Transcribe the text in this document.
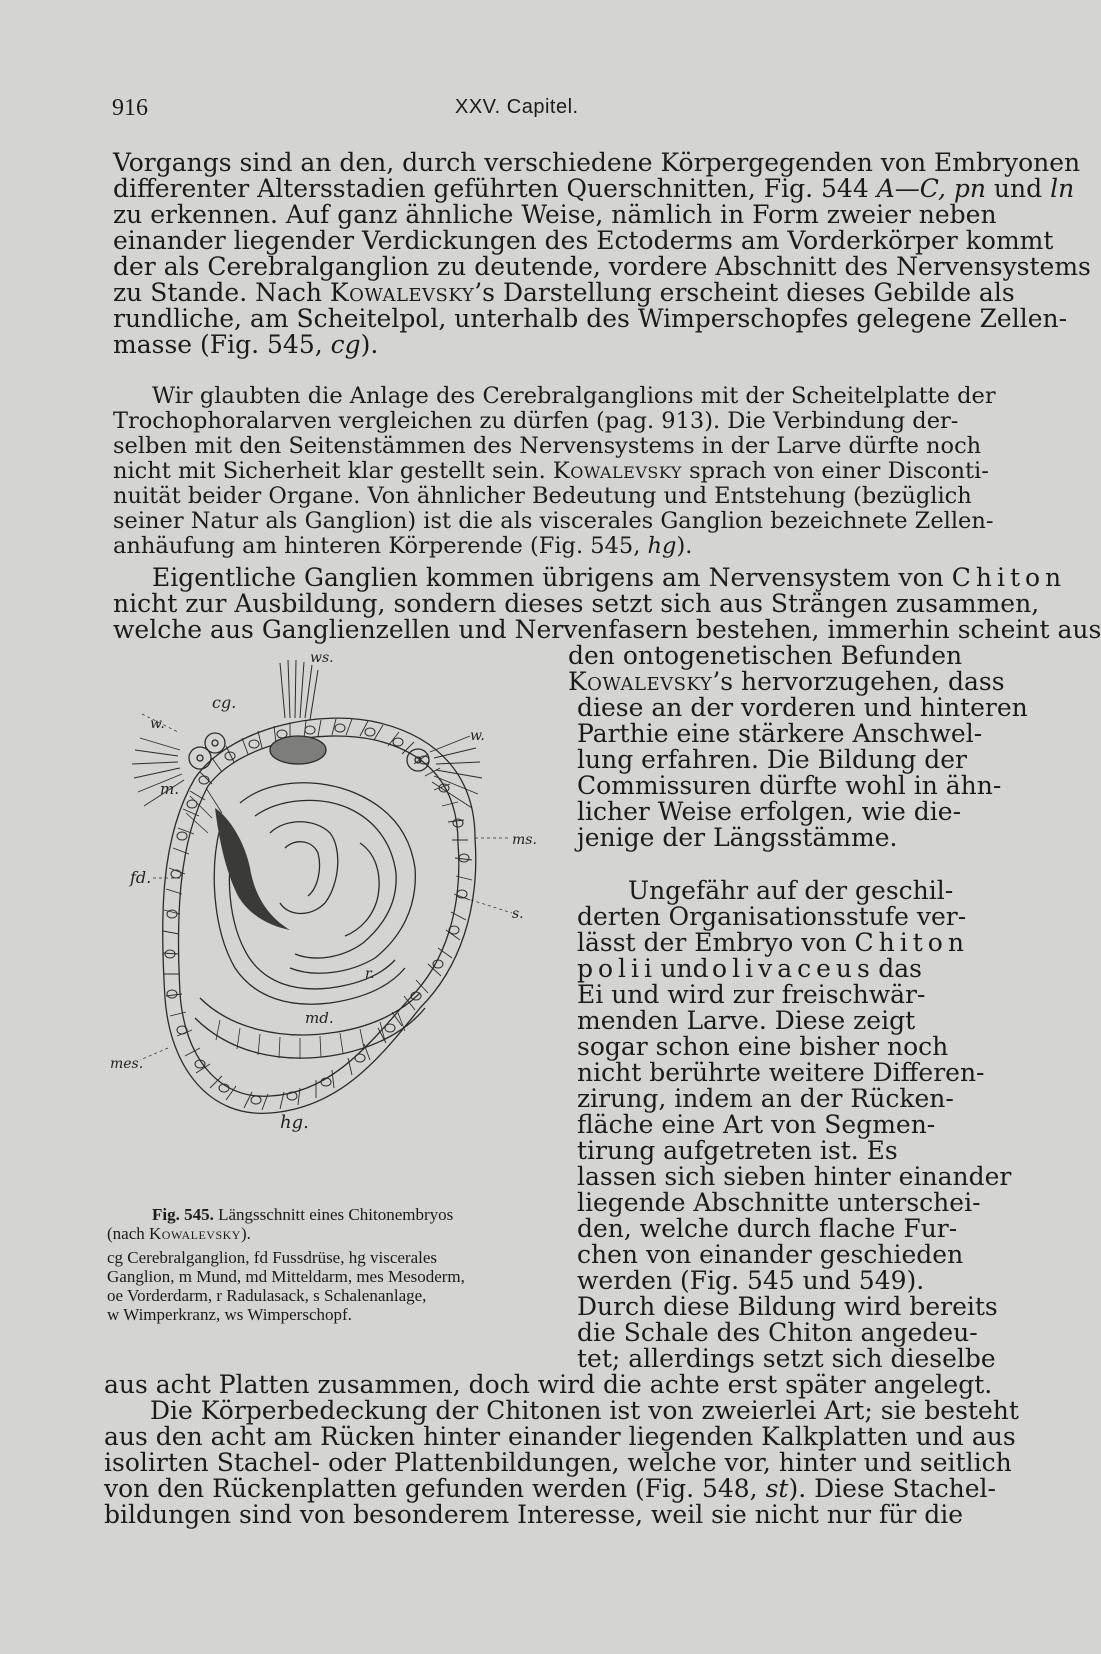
916	XXV. Capitel.
Vorgangs sind an den, durch verschiedene Körpergegenden von Embryonen
differenter Altersstadien geführten Querschnitten, Fig. 544 A—C, pn und ln
zu erkennen. Auf ganz ähnliche Weise, nämlich in Form zweier neben
einander liegender Verdickungen des Ectoderms am Vorderkörper kommt
der als Cerebralganglion zu deutende, vordere Abschnitt des Nervensystems
zu Stande. Nach Kowalevsky’s Darstellung erscheint dieses Gebilde als
rundliche, am Scheitelpol, unterhalb des Wimperschopfes gelegene Zellen-
masse (Fig. 545, cg).
Wir glaubten die Anlage des Cerebralganglions mit der Scheitelplatte der
Trochophoralarven vergleichen zu dürfen (pag. 913). Die Verbindung der-
selben mit den Seitenstämmen des Nervensystems in der Larve dürfte noch
nicht mit Sicherheit klar gestellt sein. Kowalevsky sprach von einer Disconti-
nuität beider Organe. Von ähnlicher Bedeutung und Entstehung (bezüglich
seiner Natur als Ganglion) ist die als viscerales Ganglion bezeichnete Zellen-
anhäufung am hinteren Körperende (Fig. 545, hg).
Eigentliche Ganglien kommen übrigens am Nervensystem von Chiton
nicht zur Ausbildung, sondern dieses setzt sich aus Strängen zusammen,
welche aus Ganglienzellen und Nervenfasern bestehen, immerhin scheint aus
den ontogenetischen Befunden
Kowalevsky’s hervorzugehen, dass
diese an der vorderen und hinteren
Parthie eine stärkere Anschwel-
lung erfahren. Die Bildung der
Commissuren dürfte wohl in ähn-
licher Weise erfolgen, wie die-
jenige der Längsstämme.
Ungefähr auf der geschil-
derten Organisationsstufe ver-
lässt der Embryo von Chiton
polii und olivaceus das
Ei und wird zur freischwär-
menden Larve. Diese zeigt
sogar schon eine bisher noch
nicht berührte weitere Differen-
zirung, indem an der Rücken-
fläche eine Art von Segmen-
tirung aufgetreten ist. Es
lassen sich sieben hinter einander
liegende Abschnitte unterschei-
den, welche durch flache Fur-
chen von einander geschieden
werden (Fig. 545 und 549).
Durch diese Bildung wird bereits
die Schale des Chiton angedeu-
tet; allerdings setzt sich dieselbe
aus acht Platten zusammen, doch wird die achte erst später angelegt.
Die Körperbedeckung der Chitonen ist von zweierlei Art; sie besteht
aus den acht am Rücken hinter einander liegenden Kalkplatten und aus
isolirten Stachel- oder Plattenbildungen, welche vor, hinter und seitlich
von den Rückenplatten gefunden werden (Fig. 548, st). Diese Stachel-
bildungen sind von besonderem Interesse, weil sie nicht nur für die
ws.
cg.
w.
w.
m.
fd.
r.
md.
ms.
s.
mes.
hg.
Fig. 545. Längsschnitt eines Chitonembryos
(nach Kowalevsky).
cg Cerebralganglion, fd Fussdrüse, hg viscerales
Ganglion, m Mund, md Mitteldarm, mes Mesoderm,
oe Vorderdarm, r Radulasack, s Schalenanlage,
w Wimperkranz, ws Wimperschopf.
